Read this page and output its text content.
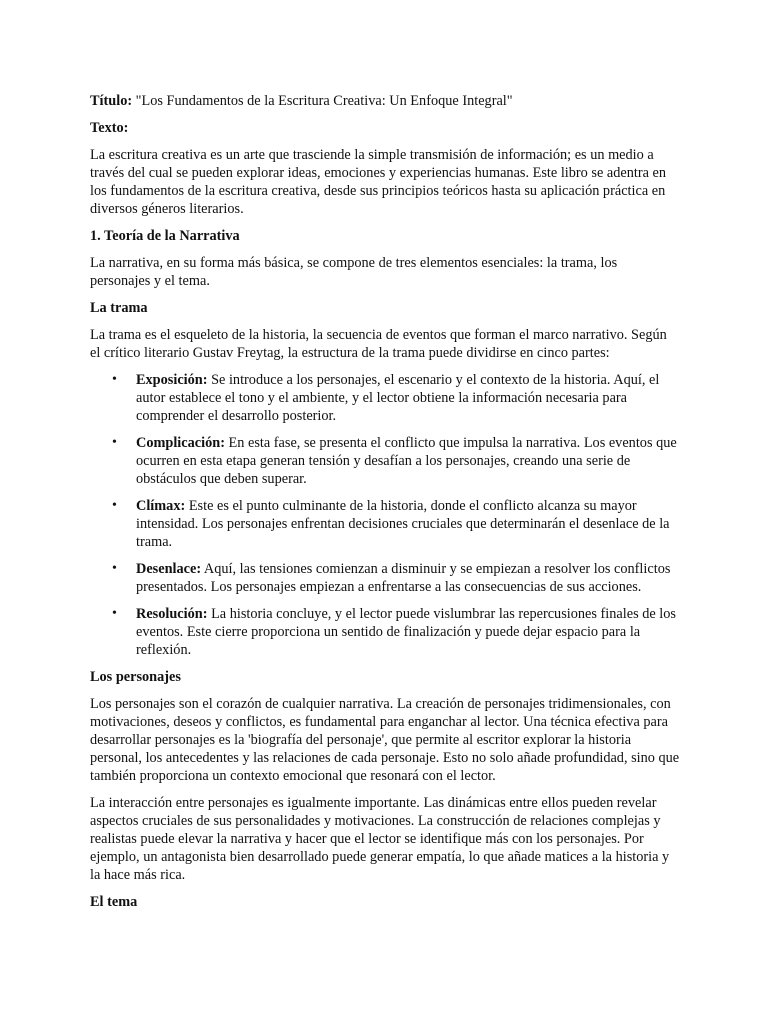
Título: "Los Fundamentos de la Escritura Creativa: Un Enfoque Integral"

Texto:

La escritura creativa es un arte que trasciende la simple transmisión de información; es un medio a través del cual se pueden explorar ideas, emociones y experiencias humanas. Este libro se adentra en los fundamentos de la escritura creativa, desde sus principios teóricos hasta su aplicación práctica en diversos géneros literarios.

1. Teoría de la Narrativa

La narrativa, en su forma más básica, se compone de tres elementos esenciales: la trama, los personajes y el tema.

La trama

La trama es el esqueleto de la historia, la secuencia de eventos que forman el marco narrativo. Según el crítico literario Gustav Freytag, la estructura de la trama puede dividirse en cinco partes:

• Exposición: Se introduce a los personajes, el escenario y el contexto de la historia. Aquí, el autor establece el tono y el ambiente, y el lector obtiene la información necesaria para comprender el desarrollo posterior.
• Complicación: En esta fase, se presenta el conflicto que impulsa la narrativa. Los eventos que ocurren en esta etapa generan tensión y desafían a los personajes, creando una serie de obstáculos que deben superar.
• Clímax: Este es el punto culminante de la historia, donde el conflicto alcanza su mayor intensidad. Los personajes enfrentan decisiones cruciales que determinarán el desenlace de la trama.
• Desenlace: Aquí, las tensiones comienzan a disminuir y se empiezan a resolver los conflictos presentados. Los personajes empiezan a enfrentarse a las consecuencias de sus acciones.
• Resolución: La historia concluye, y el lector puede vislumbrar las repercusiones finales de los eventos. Este cierre proporciona un sentido de finalización y puede dejar espacio para la reflexión.

Los personajes

Los personajes son el corazón de cualquier narrativa. La creación de personajes tridimensionales, con motivaciones, deseos y conflictos, es fundamental para enganchar al lector. Una técnica efectiva para desarrollar personajes es la 'biografía del personaje', que permite al escritor explorar la historia personal, los antecedentes y las relaciones de cada personaje. Esto no solo añade profundidad, sino que también proporciona un contexto emocional que resonará con el lector.

La interacción entre personajes es igualmente importante. Las dinámicas entre ellos pueden revelar aspectos cruciales de sus personalidades y motivaciones. La construcción de relaciones complejas y realistas puede elevar la narrativa y hacer que el lector se identifique más con los personajes. Por ejemplo, un antagonista bien desarrollado puede generar empatía, lo que añade matices a la historia y la hace más rica.

El tema
